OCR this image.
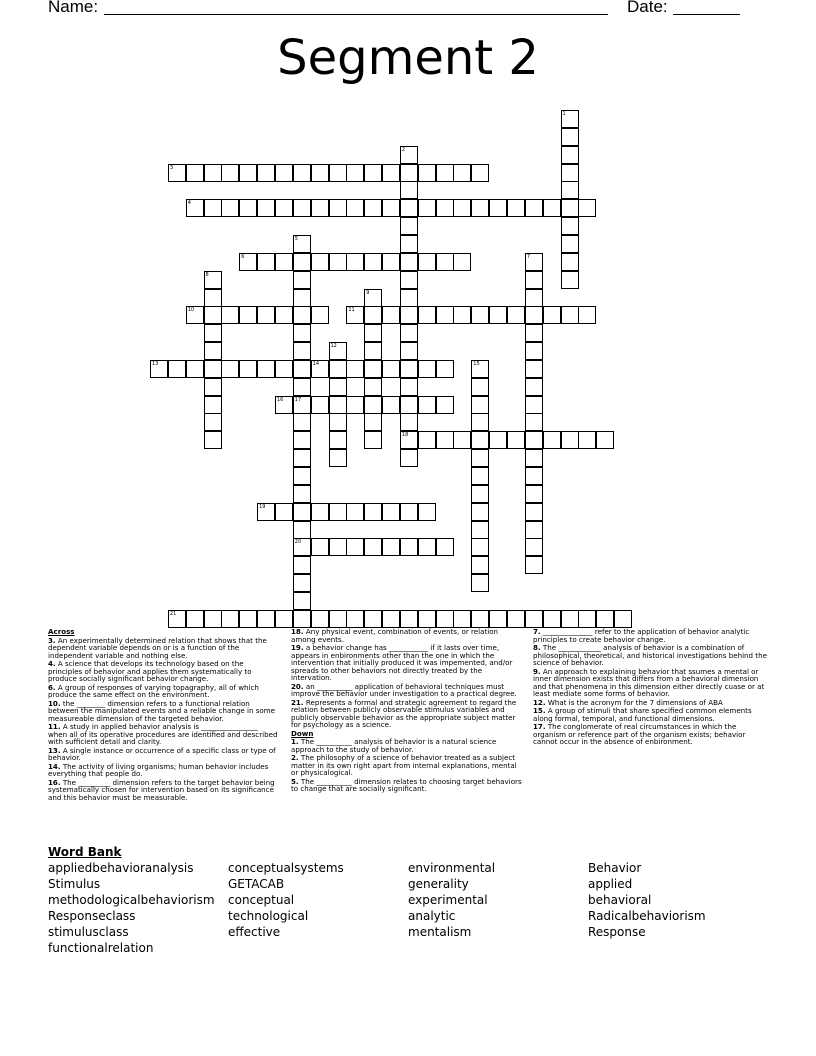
Name:	Date:
Segment 2
1
2
18
3
4
5
17
6	7
8
9
10	11
12
13	14	15
16
20
19
21

Across

3. An experimentally determined relation that shows that the dependent variable depends on or is a function of the independent variable and nothing else.

4. A science that develops its technology based on the principles of behavior and applies them systematically to produce socially significant behavior change.

6. A group of responses of varying topagraphy, all of which produce the same effect on the environment.

10. the ________ dimension refers to a functional relation between the manipulated events and a reliable change in some measureable dimension of the targeted behavior.

11. A study in applied behavior analysis is ________________ when all of its operative procedures are identified and described with sufficient detail and clarity.

13. A single instance or occurrence of a specific class or type of behavior.

14. The activity of living organisms; human behavior includes everything that people do.

16. The _________ dimension refers to the target behavior being systematically chosen for intervention based on its significance and this behavior must be measurable.

18. Any physical event, combination of events, or relation among events.

19. a behavior change has ___________ if it lasts over time, appears in enbironments other than the one in which the intervention that initially produced it was impemented, and/or spreads to other behaviors not directly treated by the intervation.

20. an __________ application of behavioral techniques must improve the behavior under investigation to a practical degree.

21. Represents a formal and strategic agreement to regard the relation between publicly observable stimulus variables and publicly observable behavior as the appropriate subject matter for psychology as a science.

Down

1. The __________ analysis of behavior is a natural science approach to the study of behavior.

2. The philosophy of a science of behavior treated as a subject matter in its own right apart from internal explanations, mental or physicalogical.

5. The __________ dimension relates to choosing target behaviors to change that are socially significant.

7. ______________ refer to the application of behavior analytic principles to create behavior change.

8. The ____________ analysis of behavior is a combination of philosophical, theoretical, and historical investigations behind the science of behavior.

9. An approach to explaining behavior that ssumes a mental or inner dimension exists that differs from a behavioral dimension and that phenomena in this dimension either directly cuase or at least mediate some forms of behavior.

12. What is the acronym for the 7 dimensions of ABA

15. A group of stimuli that share specified common elements along formal, temporal, and functional dimensions.

17. The conglomerate of real circumstances in which the organism or reference part of the organism exists; behavior cannot occur in the absence of enbironment.

Word Bank
appliedbehavioranalysis
Stimulus
methodologicalbehaviorism
Responseclass
stimulusclass
functionalrelation
conceptualsystems
GETACAB
conceptual
technological
effective
environmental
generality
experimental
analytic
mentalism
Behavior
applied
behavioral
Radicalbehaviorism
Response
